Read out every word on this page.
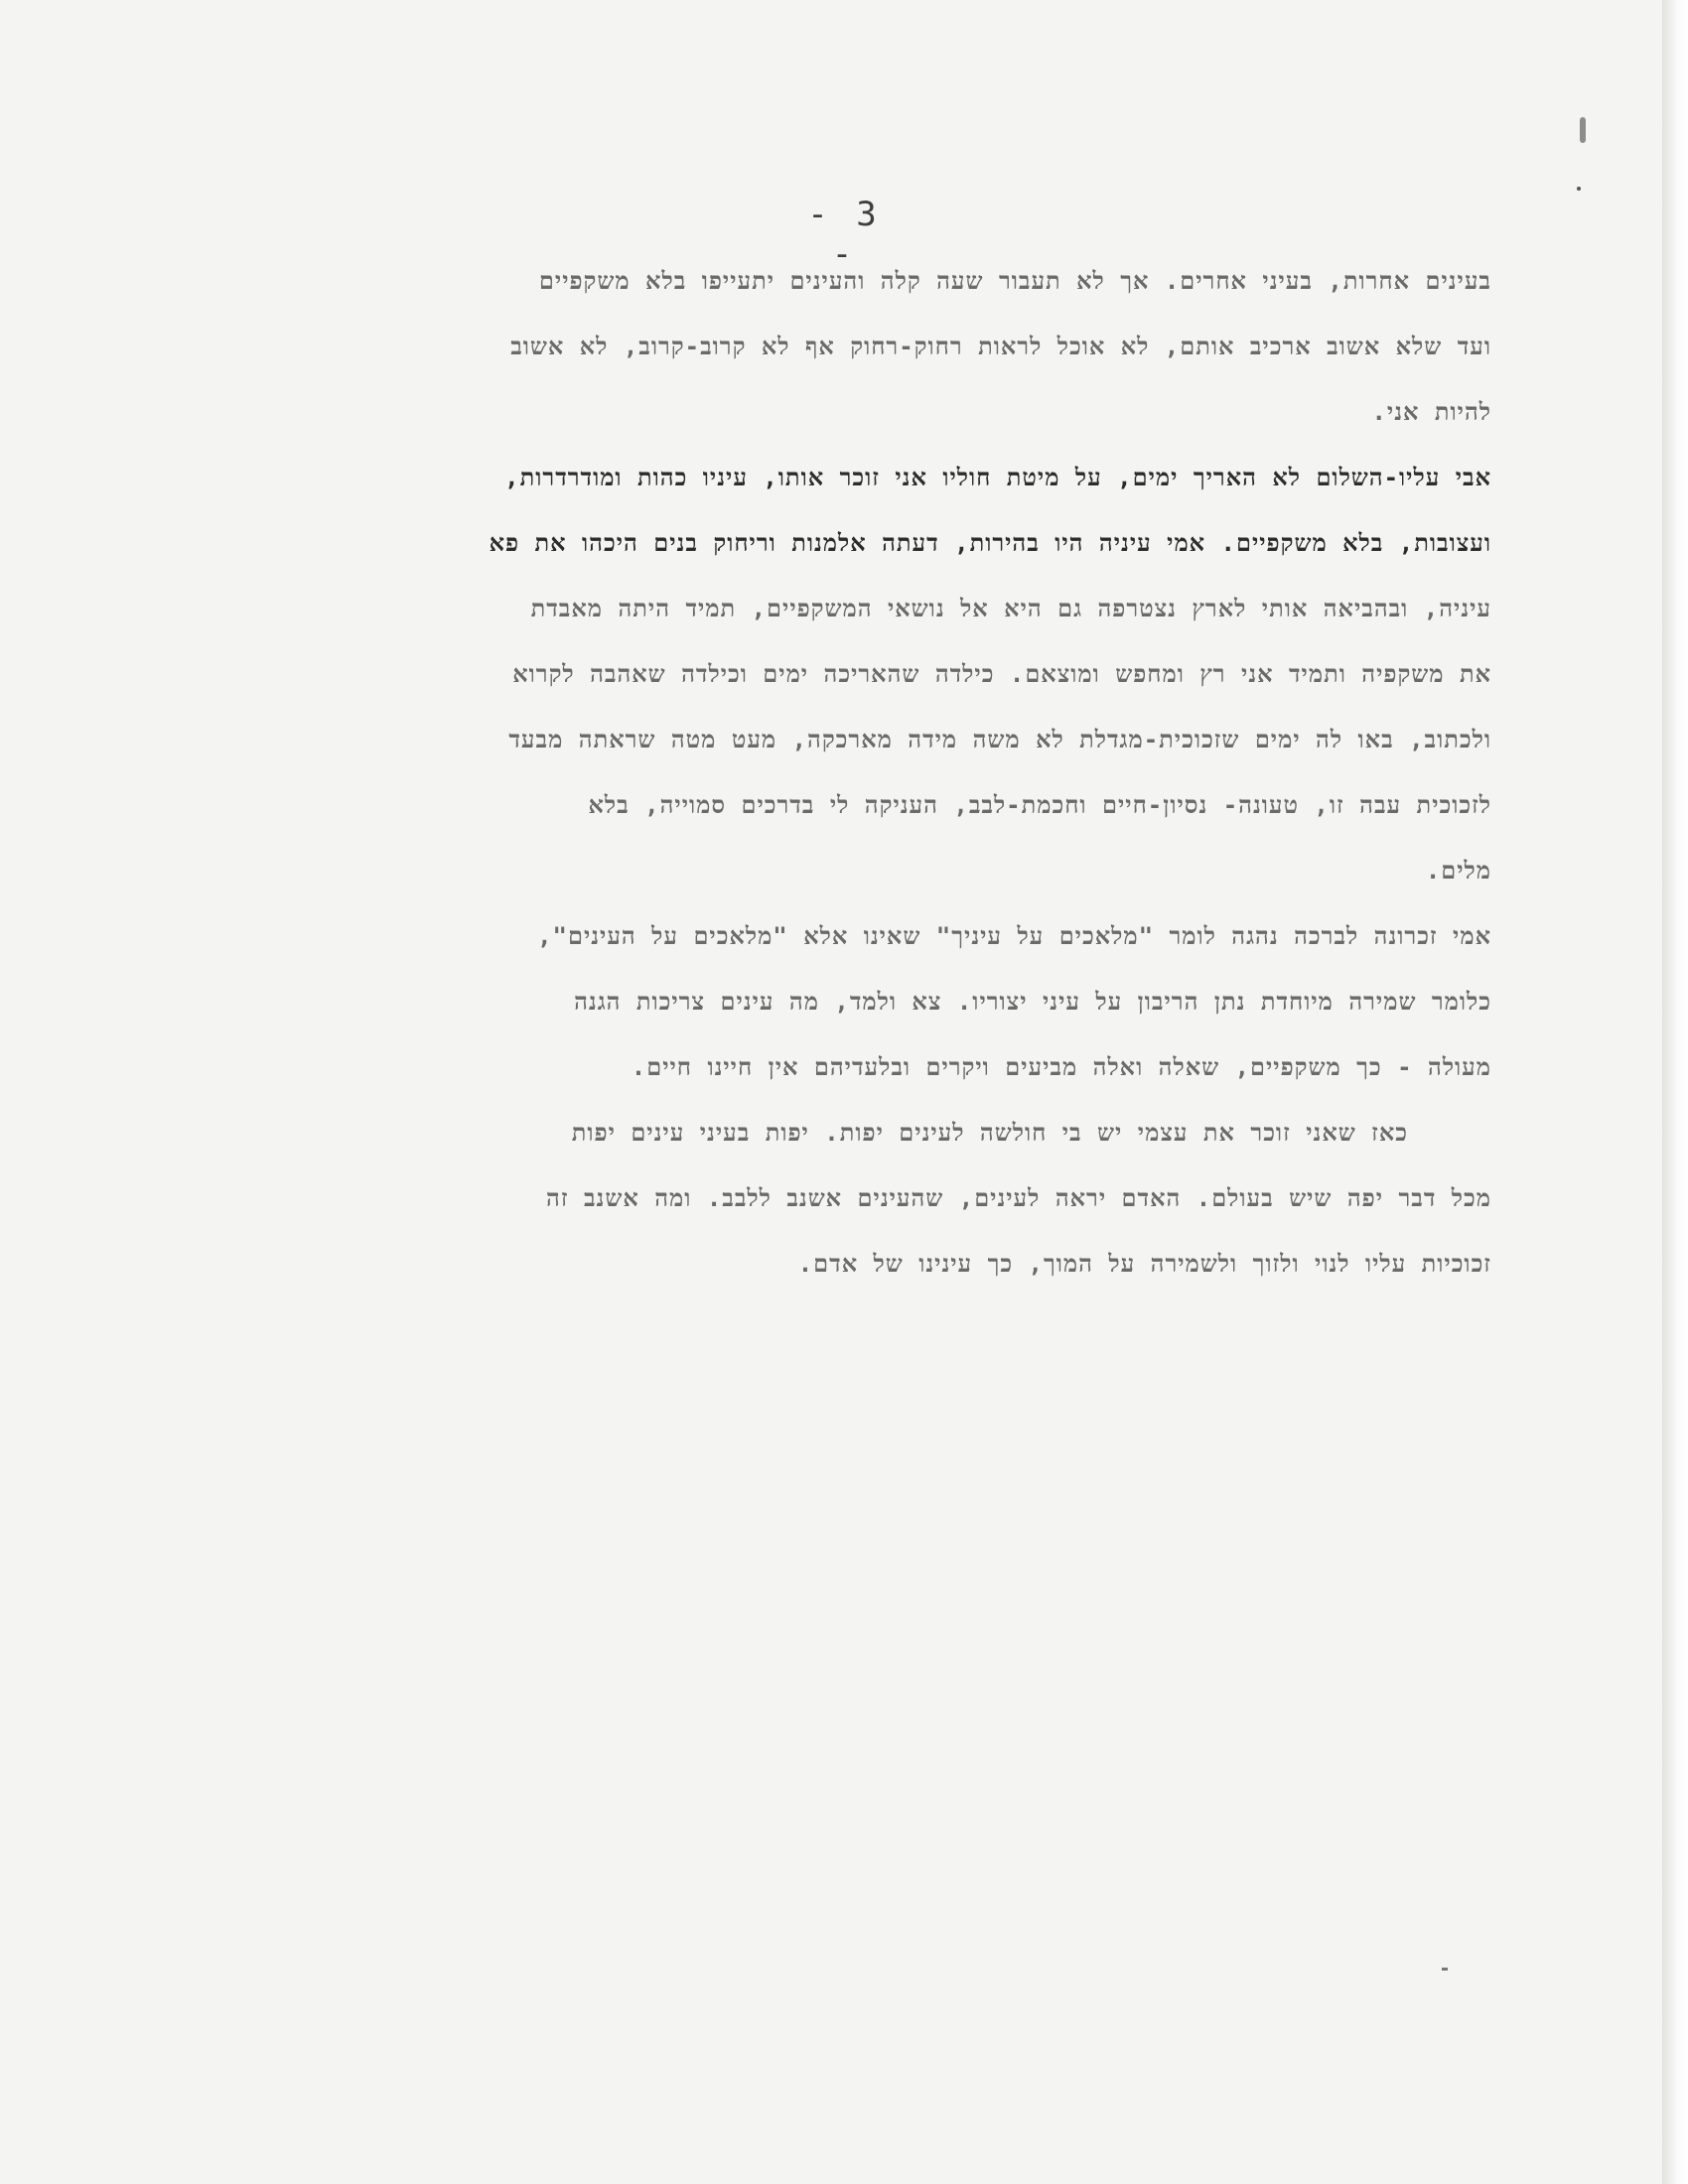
- 3 -
בעינים אחרות, בעיני אחרים. אך לא תעבור שעה קלה והעינים יתעייפו בלא משקפיים
ועד שלא אשוב ארכיב אותם, לא אוכל לראות רחוק-רחוק אף לא קרוב-קרוב, לא אשוב
להיות אני.
אבי עליו-השלום לא האריך ימים, על מיטת חוליו אני זוכר אותו, עיניו כהות ומודרדרות,
ועצובות, בלא משקפיים. אמי עיניה היו בהירות, דעתה אלמנות וריחוק בנים היכהו את פא
עיניה, ובהביאה אותי לארץ נצטרפה גם היא אל נושאי המשקפיים, תמיד היתה מאבדת
את משקפיה ותמיד אני רץ ומחפש ומוצאם. כילדה שהאריכה ימים וכילדה שאהבה לקרוא
ולכתוב, באו לה ימים שזכוכית-מגדלת לא משה מידה מארכקה, מעט מטה שראתה מבעד
לזכוכית עבה זו, טעונה- נסיון-חיים וחכמת-לבב, העניקה לי בדרכים סמוייה, בלא
מלים.
אמי זכרונה לברכה נהגה לומר "מלאכים על עיניך" שאינו אלא "מלאכים על העינים",
כלומר שמירה מיוחדת נתן הריבון על עיני יצוריו. צא ולמד, מה עינים צריכות הגנה
מעולה - כך משקפיים, שאלה ואלה מביעים ויקרים ובלעדיהם אין חיינו חיים.
כאז שאני זוכר את עצמי יש בי חולשה לעינים יפות. יפות בעיני עינים יפות
מכל דבר יפה שיש בעולם. האדם יראה לעינים, שהעינים אשנב ללבב. ומה אשנב זה
זכוכיות עליו לנוי ולזוך ולשמירה על המוך, כך עינינו של אדם.
